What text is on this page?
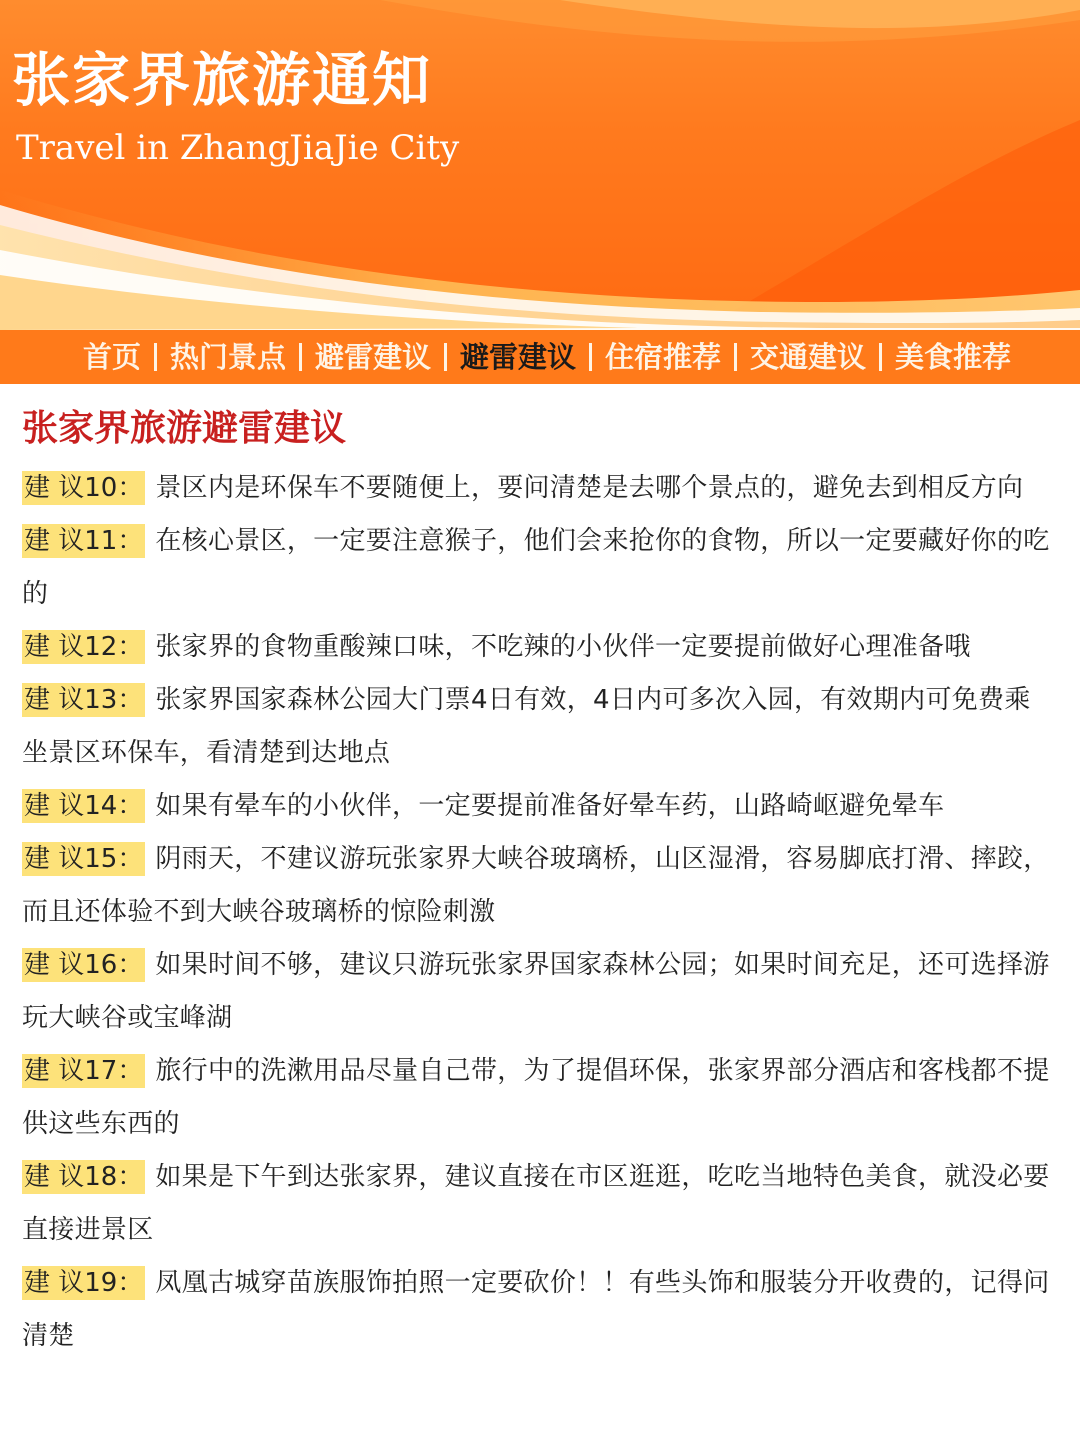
张家界旅游通知

Travel in ZhangJiaJie City

首页 热门景点 避雷建议 避雷建议 住宿推荐 交通建议 美食推荐
张家界旅游避雷建议
建 议10： 景区内是环保车不要随便上，要问清楚是去哪个景点的，避免去到相反方向
建 议11： 在核心景区，一定要注意猴子，他们会来抢你的食物，所以一定要藏好你的吃的
建 议12： 张家界的食物重酸辣口味，不吃辣的小伙伴一定要提前做好心理准备哦
建 议13： 张家界国家森林公园大门票4日有效，4日内可多次入园，有效期内可免费乘坐景区环保车，看清楚到达地点
建 议14： 如果有晕车的小伙伴，一定要提前准备好晕车药，山路崎岖避免晕车
建 议15： 阴雨天，不建议游玩张家界大峡谷玻璃桥，山区湿滑，容易脚底打滑、摔跤，而且还体验不到大峡谷玻璃桥的惊险刺激
建 议16： 如果时间不够，建议只游玩张家界国家森林公园；如果时间充足，还可选择游玩大峡谷或宝峰湖
建 议17： 旅行中的洗漱用品尽量自己带，为了提倡环保，张家界部分酒店和客栈都不提供这些东西的
建 议18： 如果是下午到达张家界，建议直接在市区逛逛，吃吃当地特色美食，就没必要直接进景区
建 议19： 凤凰古城穿苗族服饰拍照一定要砍价！！有些头饰和服装分开收费的，记得问清楚
